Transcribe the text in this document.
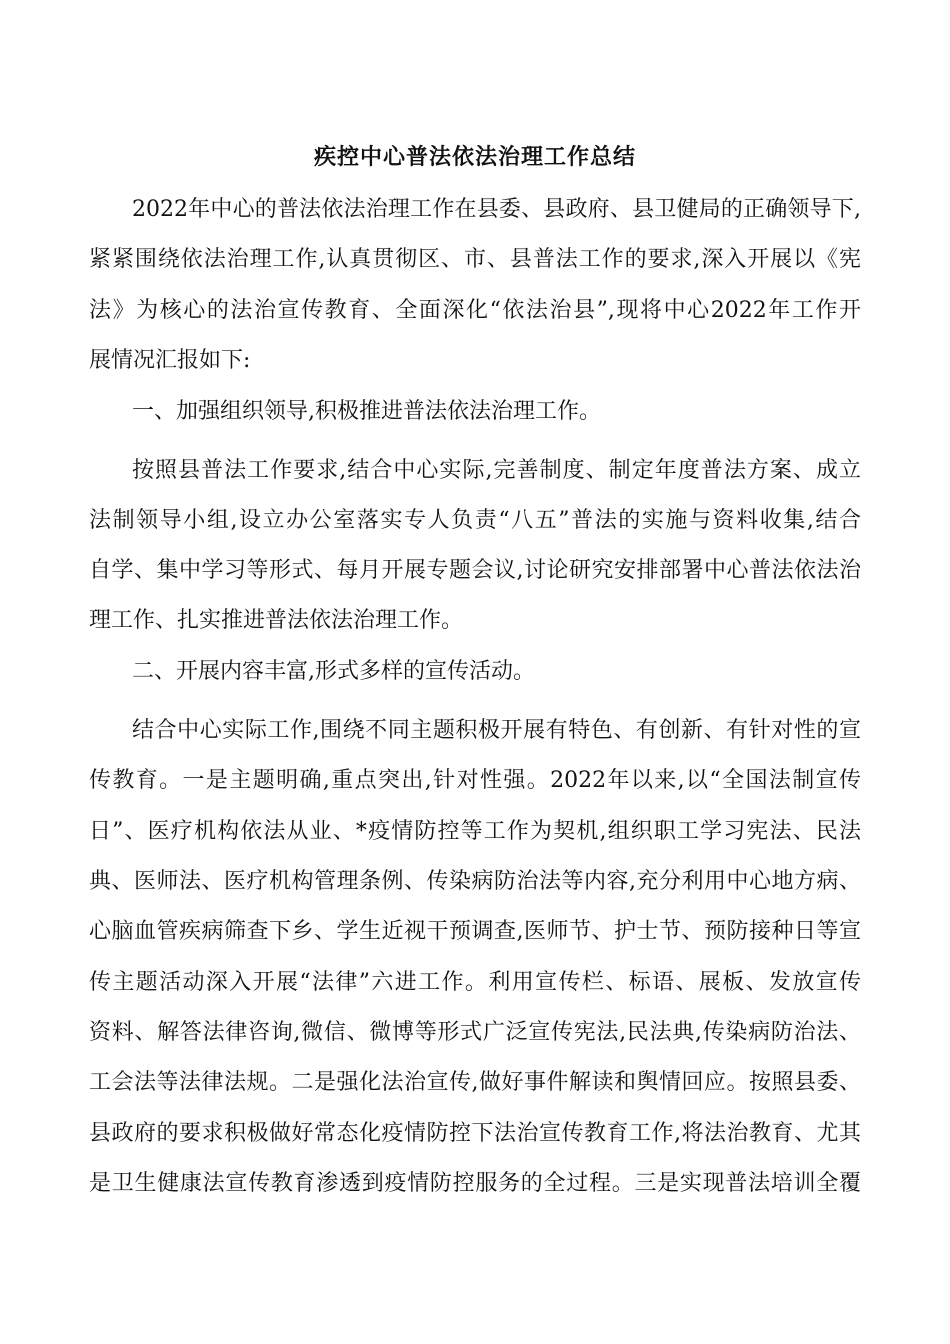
疾控中心普法依法治理工作总结
2022年中心的普法依法治理工作在县委、县政府、县卫健局的正确领导下,
紧紧围绕依法治理工作,认真贯彻区、市、县普法工作的要求,深入开展以《宪
法》为核心的法治宣传教育、全面深化“依法治县”,现将中心2022年工作开
展情况汇报如下:
一、加强组织领导,积极推进普法依法治理工作。
按照县普法工作要求,结合中心实际,完善制度、制定年度普法方案、成立
法制领导小组,设立办公室落实专人负责“八五”普法的实施与资料收集,结合
自学、集中学习等形式、每月开展专题会议,讨论研究安排部署中心普法依法治
理工作、扎实推进普法依法治理工作。
二、开展内容丰富,形式多样的宣传活动。
结合中心实际工作,围绕不同主题积极开展有特色、有创新、有针对性的宣
传教育。一是主题明确,重点突出,针对性强。2022年以来,以“全国法制宣传
日”、医疗机构依法从业、*疫情防控等工作为契机,组织职工学习宪法、民法
典、医师法、医疗机构管理条例、传染病防治法等内容,充分利用中心地方病、
心脑血管疾病筛查下乡、学生近视干预调查,医师节、护士节、预防接种日等宣
传主题活动深入开展“法律”六进工作。利用宣传栏、标语、展板、发放宣传
资料、解答法律咨询,微信、微博等形式广泛宣传宪法,民法典,传染病防治法、
工会法等法律法规。二是强化法治宣传,做好事件解读和舆情回应。按照县委、
县政府的要求积极做好常态化疫情防控下法治宣传教育工作,将法治教育、尤其
是卫生健康法宣传教育渗透到疫情防控服务的全过程。三是实现普法培训全覆
